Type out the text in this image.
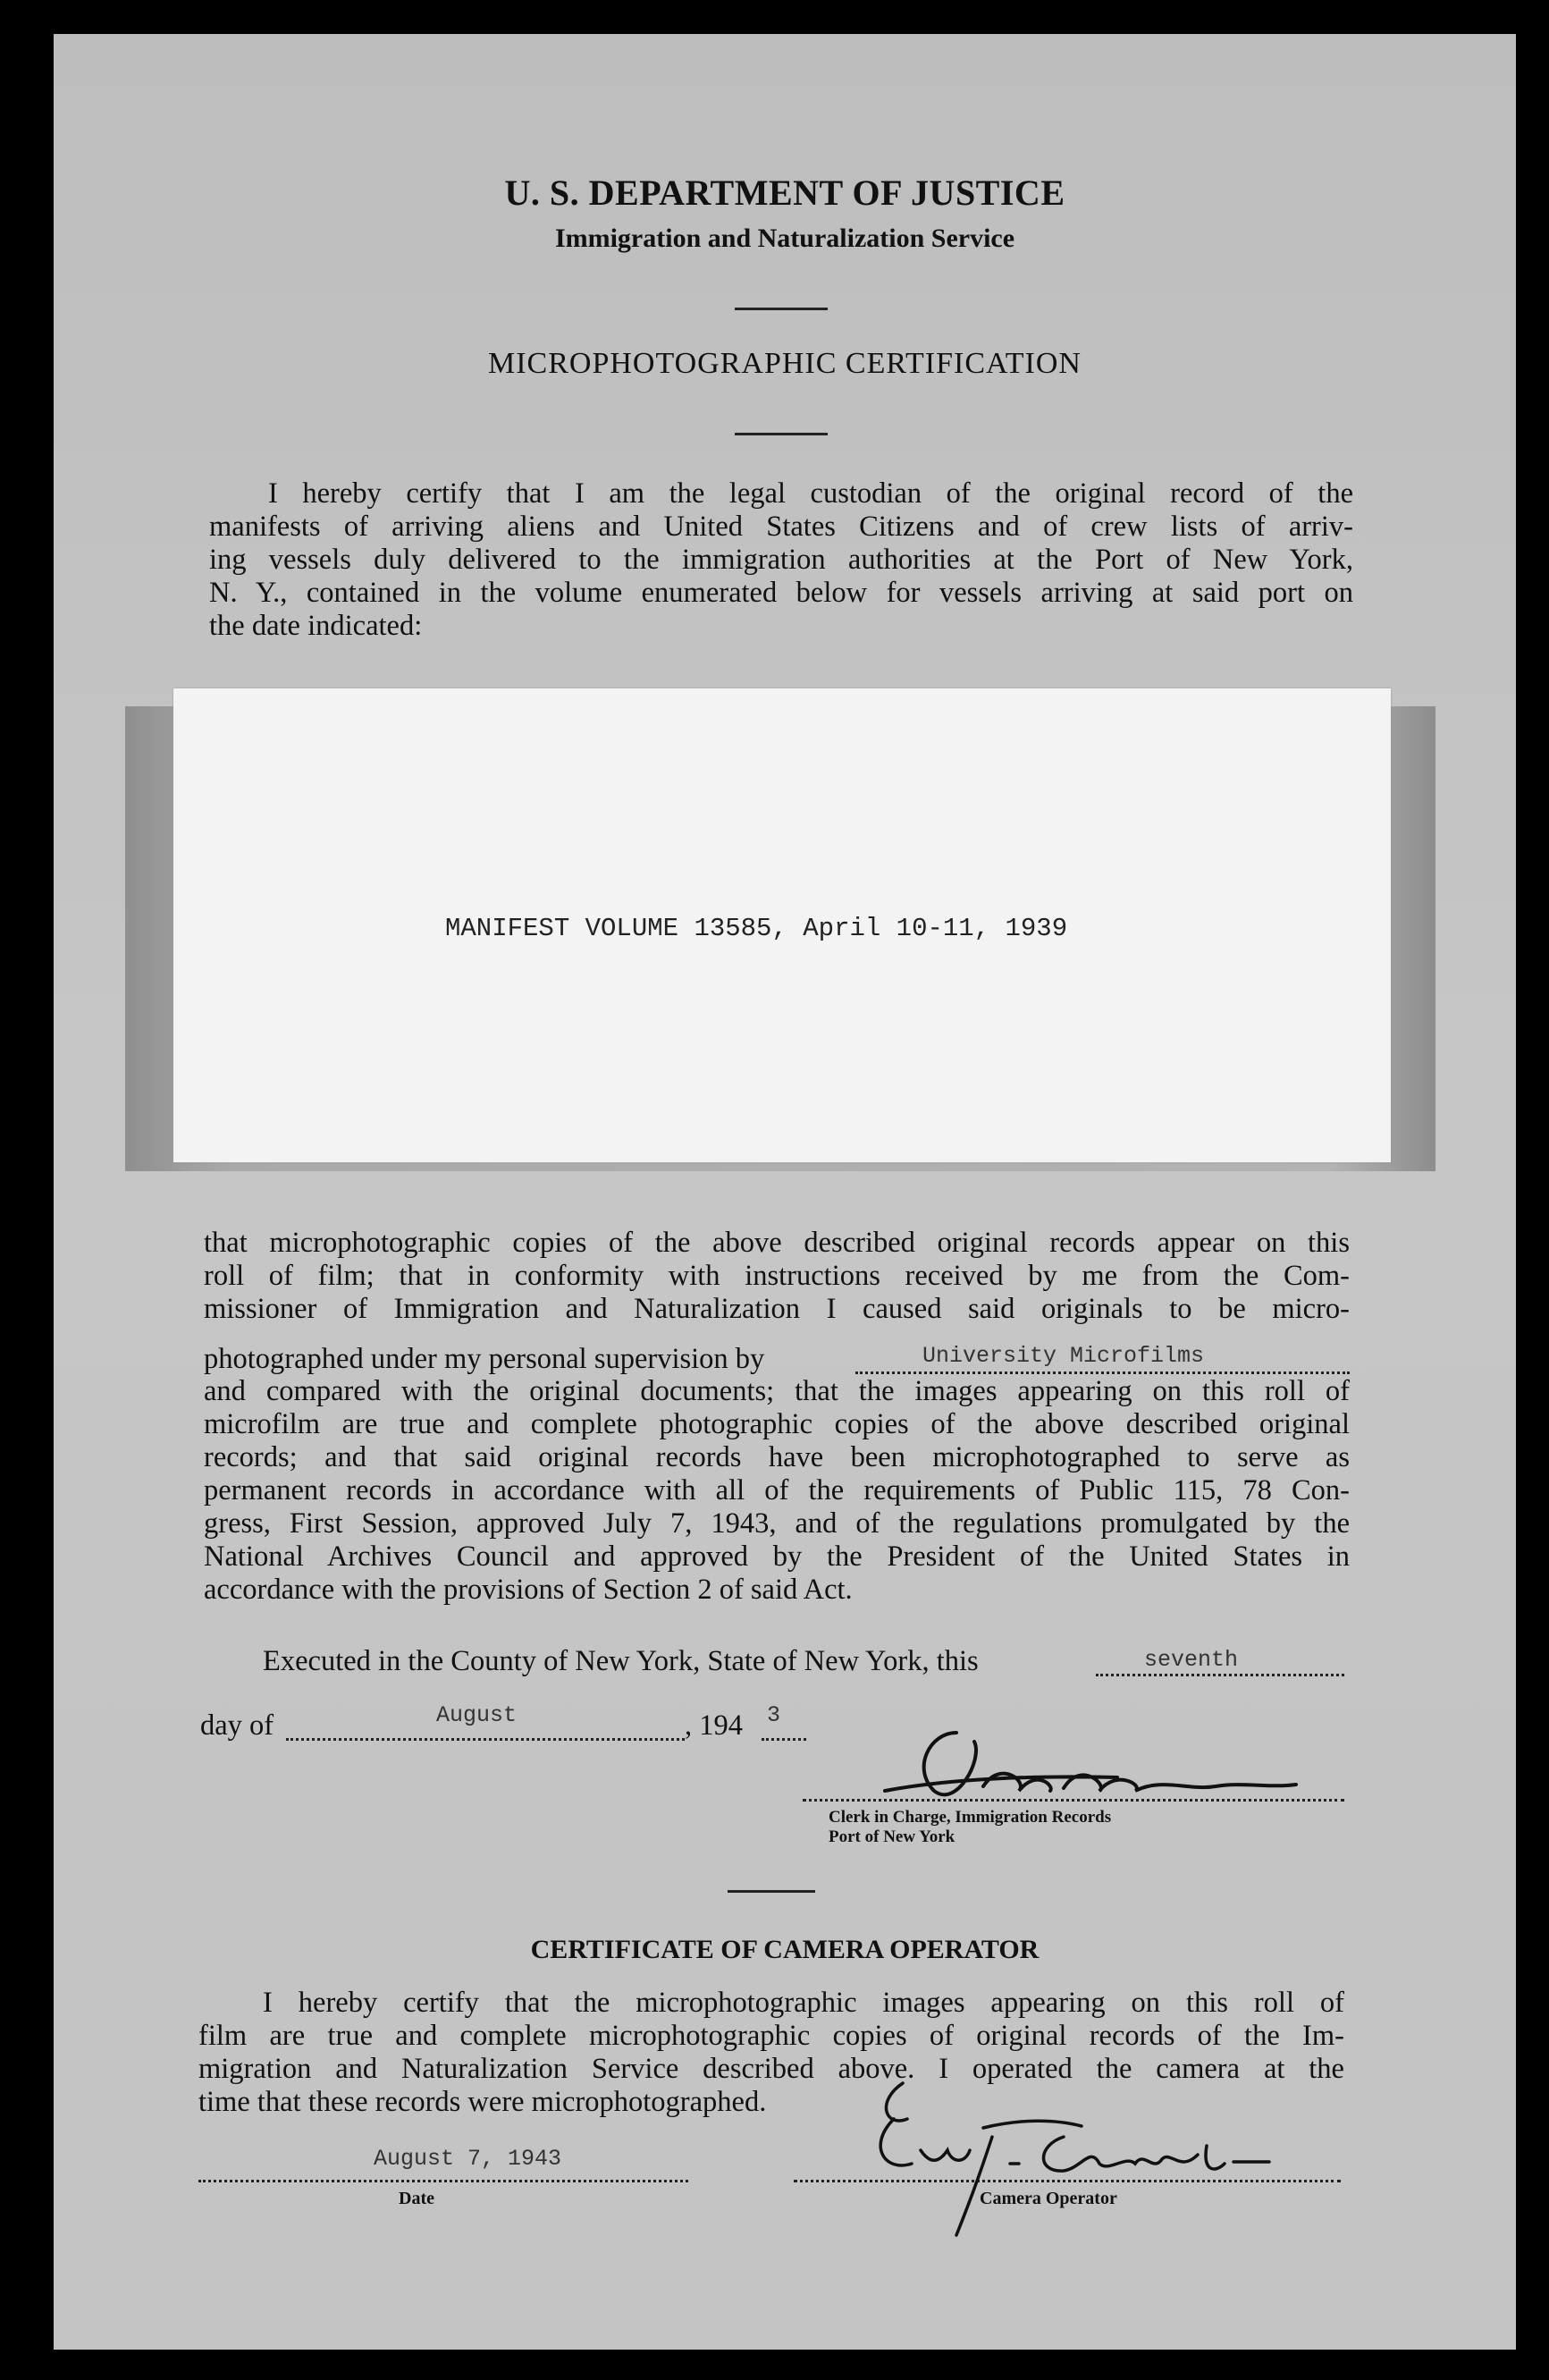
U. S. DEPARTMENT OF JUSTICE
Immigration and Naturalization Service
MICROPHOTOGRAPHIC CERTIFICATION
I hereby certify that I am the legal custodian of the original record of the
manifests of arriving aliens and United States Citizens and of crew lists of arriv-
ing vessels duly delivered to the immigration authorities at the Port of New York,
N. Y., contained in the volume enumerated below for vessels arriving at said port on
the date indicated:
MANIFEST VOLUME 13585, April 10-11, 1939
that microphotographic copies of the above described original records appear on this
roll of film; that in conformity with instructions received by me from the Com-
missioner of Immigration and Naturalization I caused said originals to be micro-
photographed under my personal supervision by	University Microfilms
and compared with the original documents; that the images appearing on this roll of
microfilm are true and complete photographic copies of the above described original
records; and that said original records have been microphotographed to serve as
permanent records in accordance with all of the requirements of Public 115, 78 Con-
gress, First Session, approved July 7, 1943, and of the regulations promulgated by the
National Archives Council and approved by the President of the United States in
accordance with the provisions of Section 2 of said Act.
Executed in the County of New York, State of New York, this	seventh
day of	August	, 194 3
Clerk in Charge, Immigration Records
Port of New York
CERTIFICATE OF CAMERA OPERATOR
I hereby certify that the microphotographic images appearing on this roll of
film are true and complete microphotographic copies of original records of the Im-
migration and Naturalization Service described above. I operated the camera at the
time that these records were microphotographed.
August 7, 1943
Date	Camera Operator
